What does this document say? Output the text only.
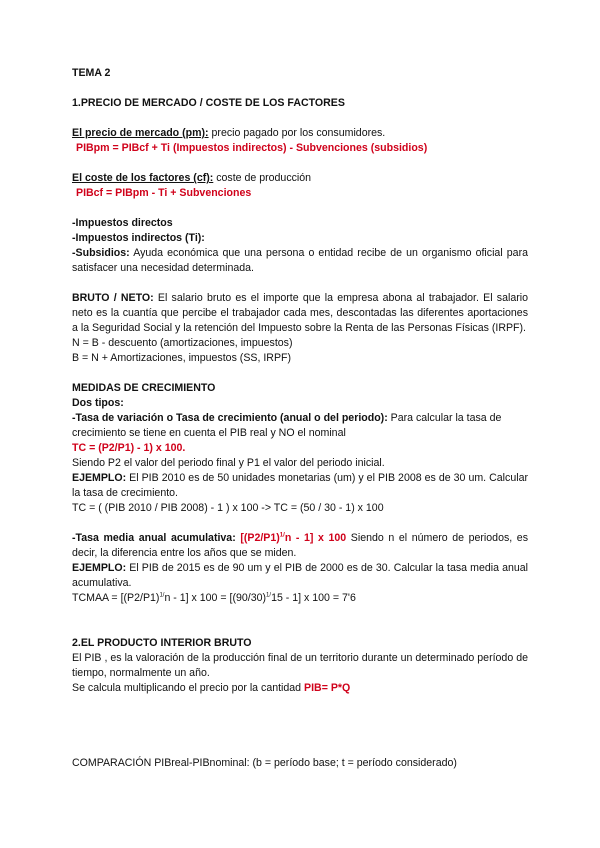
TEMA 2

1.PRECIO DE MERCADO / COSTE DE LOS FACTORES

El precio de mercado (pm): precio pagado por los consumidores.

PIBpm = PIBcf + Ti (Impuestos indirectos) - Subvenciones (subsidios)

El coste de los factores (cf): coste de producción

PIBcf = PIBpm - Ti + Subvenciones

-Impuestos directos

-Impuestos indirectos (Ti):

-Subsidios: Ayuda económica que una persona o entidad recibe de un organismo oficial para satisfacer una necesidad determinada.

BRUTO / NETO: El salario bruto es el importe que la empresa abona al trabajador. El salario neto es la cuantía que percibe el trabajador cada mes, descontadas las diferentes aportaciones a la Seguridad Social y la retención del Impuesto sobre la Renta de las Personas Físicas (IRPF).

N = B - descuento (amortizaciones, impuestos)

B = N + Amortizaciones, impuestos (SS, IRPF)

MEDIDAS DE CRECIMIENTO

Dos tipos:

-Tasa de variación o Tasa de crecimiento (anual o del periodo): Para calcular la tasa de crecimiento se tiene en cuenta el PIB real y NO el nominal

TC = (P2/P1) - 1) x 100.

Siendo P2 el valor del periodo final y P1 el valor del periodo inicial.

EJEMPLO: El PIB 2010 es de 50 unidades monetarias (um) y el PIB 2008 es de 30 um. Calcular la tasa de crecimiento.

TC = ( (PIB 2010 / PIB 2008) - 1 ) x 100 -> TC = (50 / 30 - 1) x 100

-Tasa media anual acumulativa: $[(P2/P1)^{1/}n - 1]$ x 100 Siendo n el número de periodos, es decir, la diferencia entre los años que se miden.

EJEMPLO: El PIB de 2015 es de 90 um y el PIB de 2000 es de 30. Calcular la tasa media anual acumulativa.

TCMAA = $[(P2/P1)^{1/}n - 1]$ x $100 = [(90/30)^{1/}15 - 1]$ x 100 = 7'6

2.EL PRODUCTO INTERIOR BRUTO

El PIB , es la valoración de la producción final de un territorio durante un determinado período de tiempo, normalmente un año.

Se calcula multiplicando el precio por la cantidad PIB= P*Q

COMPARACIÓN PIBreal-PIBnominal: (b = período base; t = período considerado)
